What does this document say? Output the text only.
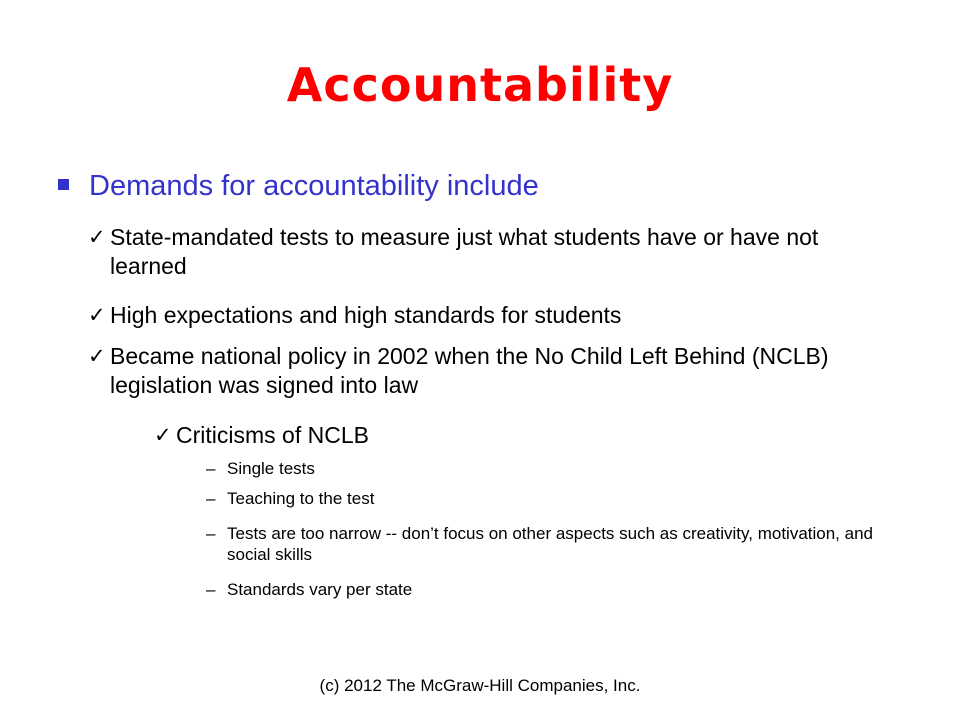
Accountability
Demands for accountability include
✓ State-mandated tests to measure just what students have or have not learned
✓ High expectations and high standards for students
✓ Became national policy in 2002 when the No Child Left Behind (NCLB) legislation was signed into law
✓ Criticisms of NCLB
– Single tests
– Teaching to the test
– Tests are too narrow -- don’t focus on other aspects such as creativity, motivation, and social skills
– Standards vary per state
(c) 2012 The McGraw-Hill Companies, Inc.
